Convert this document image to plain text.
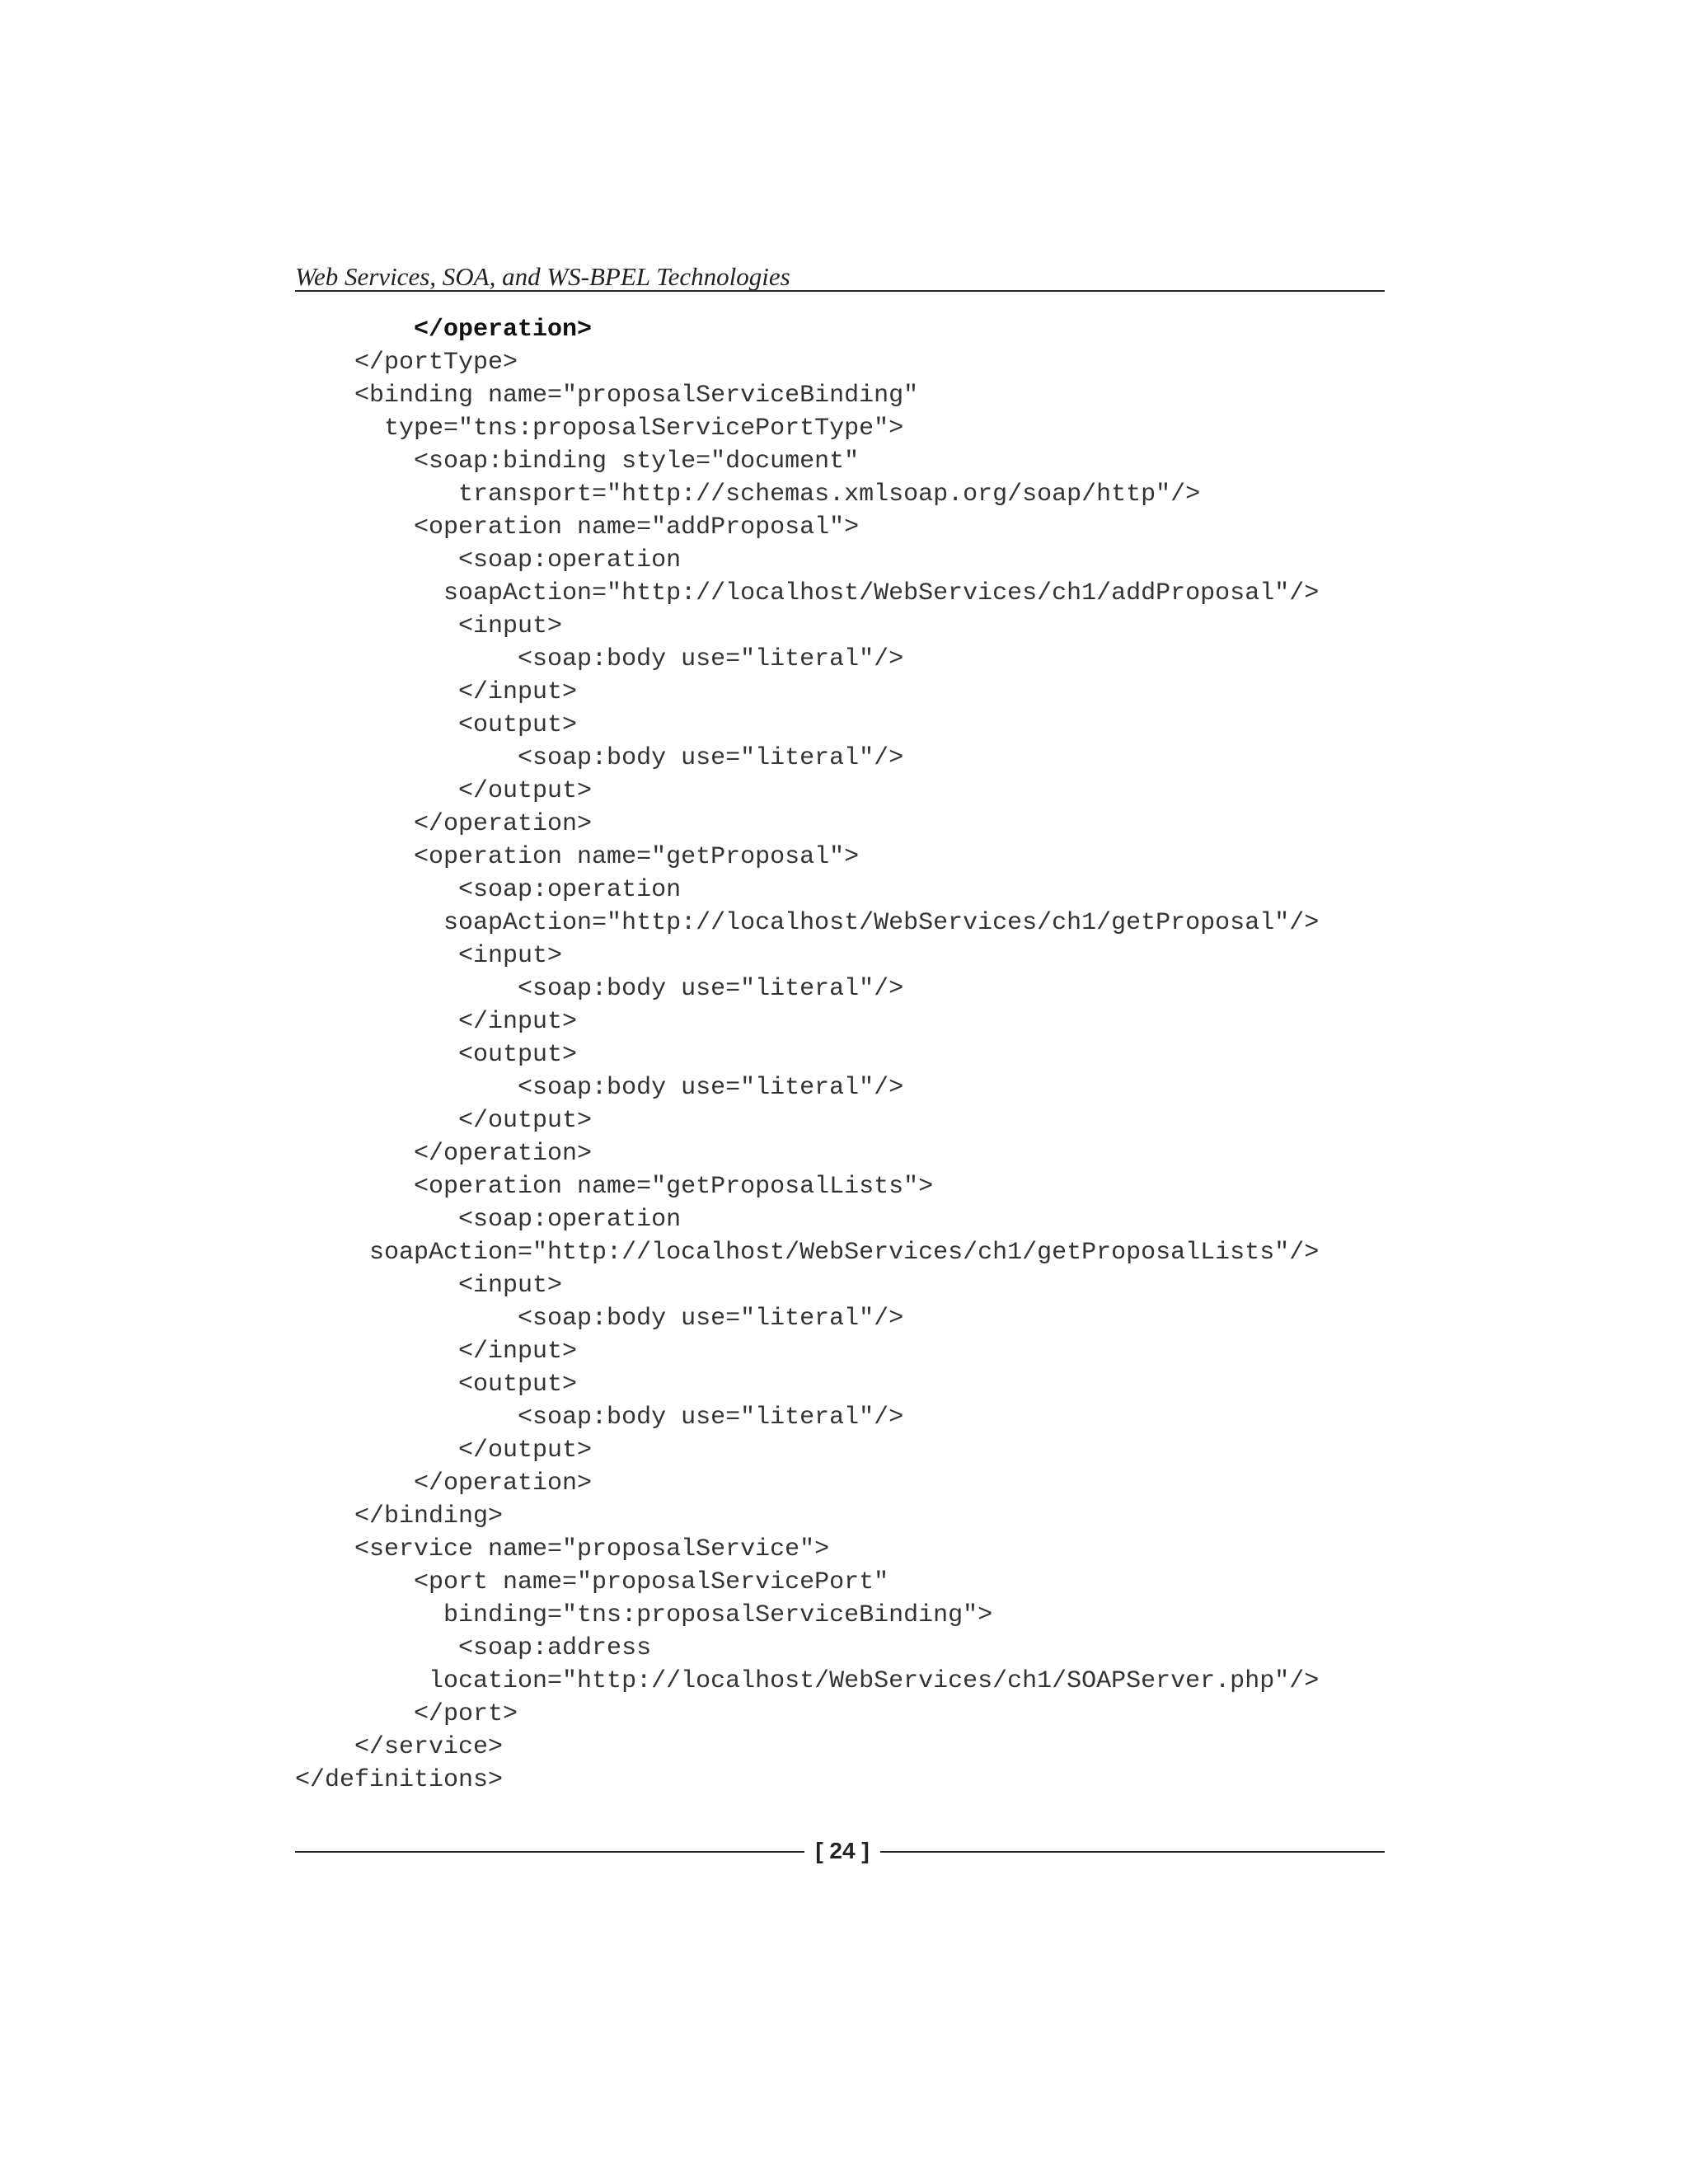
Web Services, SOA, and WS-BPEL Technologies
</operation>
</portType>
<binding name="proposalServiceBinding"
type="tns:proposalServicePortType">
<soap:binding style="document"
transport="http://schemas.xmlsoap.org/soap/http"/>
<operation name="addProposal">
<soap:operation
soapAction="http://localhost/WebServices/ch1/addProposal"/>
<input>
<soap:body use="literal"/>
</input>
<output>
<soap:body use="literal"/>
</output>
</operation>
<operation name="getProposal">
<soap:operation
soapAction="http://localhost/WebServices/ch1/getProposal"/>
<input>
<soap:body use="literal"/>
</input>
<output>
<soap:body use="literal"/>
</output>
</operation>
<operation name="getProposalLists">
<soap:operation
soapAction="http://localhost/WebServices/ch1/getProposalLists"/>
<input>
<soap:body use="literal"/>
</input>
<output>
<soap:body use="literal"/>
</output>
</operation>
</binding>
<service name="proposalService">
<port name="proposalServicePort"
binding="tns:proposalServiceBinding">
<soap:address
location="http://localhost/WebServices/ch1/SOAPServer.php"/>
</port>
</service>
</definitions>
[ 24 ]
